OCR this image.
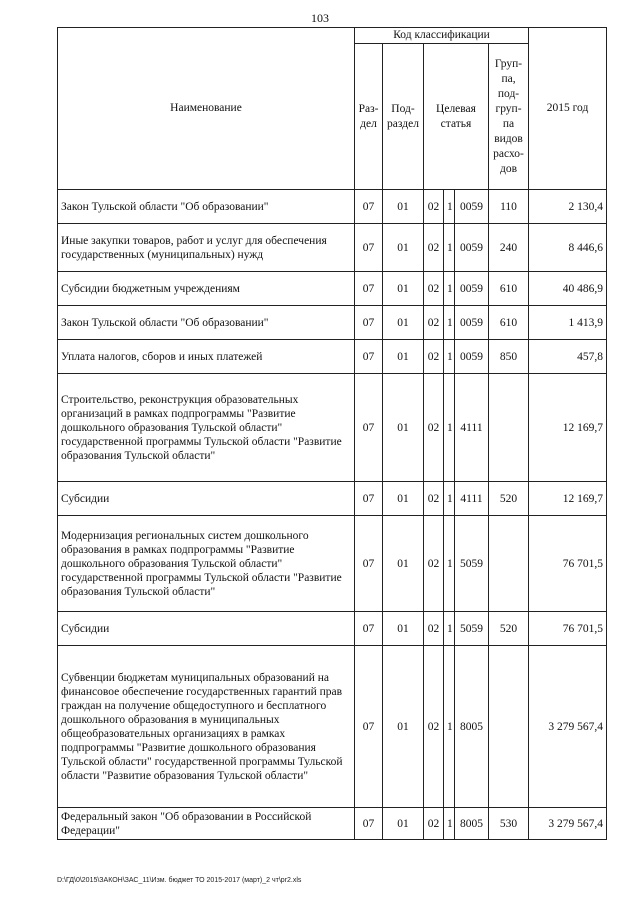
103
Наименование	Код классификации						2015 год
	Раз-дел	Под-раздел	Целевая статья			Груп-па, под-груп-па видов расхо-дов	
Закон Тульской области "Об образовании"	07	01	02	1	0059	110	2 130,4
Иные закупки товаров, работ и услуг для обеспечения государственных (муниципальных) нужд	07	01	02	1	0059	240	8 446,6
Субсидии бюджетным учреждениям	07	01	02	1	0059	610	40 486,9
Закон Тульской области "Об образовании"	07	01	02	1	0059	610	1 413,9
Уплата налогов, сборов и иных платежей	07	01	02	1	0059	850	457,8
Строительство, реконструкция образовательных организаций в рамках подпрограммы "Развитие дошкольного образования Тульской области" государственной программы Тульской области "Развитие образования Тульской области"	07	01	02	1	4111		12 169,7
Субсидии	07	01	02	1	4111	520	12 169,7
Модернизация региональных систем дошкольного образования в рамках подпрограммы "Развитие дошкольного образования Тульской области" государственной программы Тульской области "Развитие образования Тульской области"	07	01	02	1	5059		76 701,5
Субсидии	07	01	02	1	5059	520	76 701,5
Субвенции бюджетам муниципальных образований на финансовое обеспечение государственных гарантий прав граждан на получение общедоступного и бесплатного дошкольного образования в муниципальных общеобразовательных организациях в рамках подпрограммы "Развитие дошкольного образования Тульской области" государственной программы Тульской области "Развитие образования Тульской области"	07	01	02	1	8005		3 279 567,4
Федеральный закон "Об образовании в Российской Федерации"	07	01	02	1	8005	530	3 279 567,4
D:\ГД\0\2015\ЗАКОН\ЗАС_11\Изм. бюджет ТО 2015-2017 (март)_2 чт\pr2.xls
